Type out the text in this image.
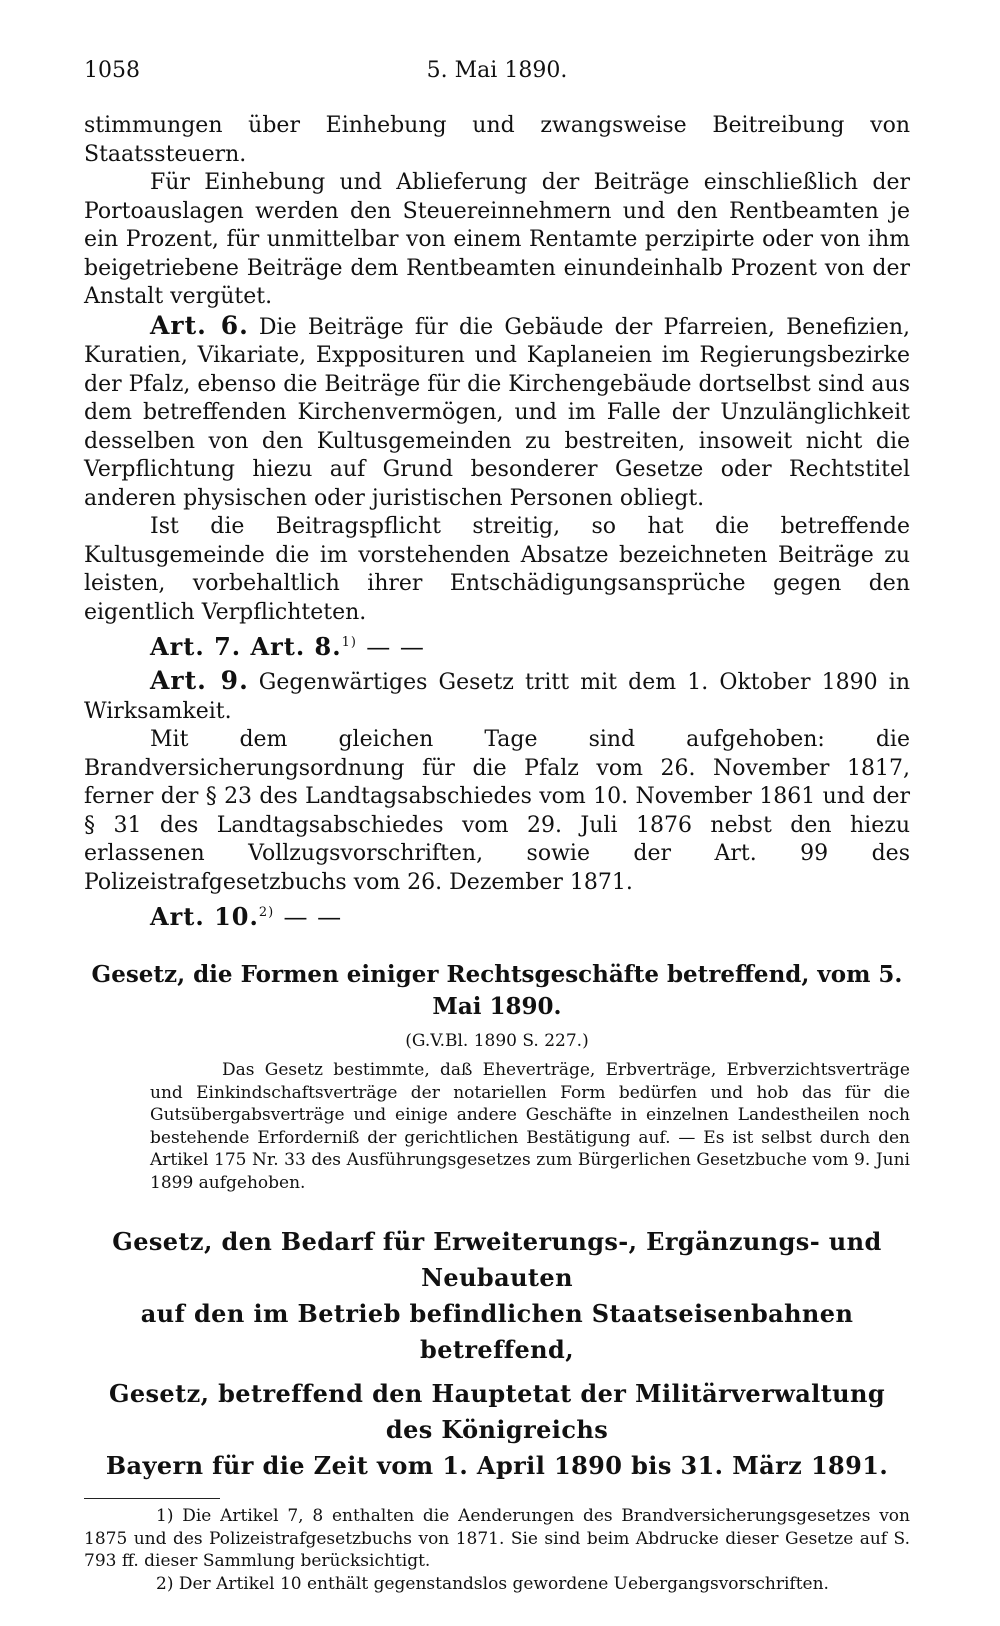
1058	5. Mai 1890.

stimmungen über Einhebung und zwangsweise Beitreibung von Staatssteuern.

Für Einhebung und Ablieferung der Beiträge einschließlich der Portoauslagen werden den Steuereinnehmern und den Rentbeamten je ein Prozent, für unmittelbar von einem Rentamte perzipirte oder von ihm beigetriebene Beiträge dem Rentbeamten einundeinhalb Prozent von der Anstalt vergütet.

Art. 6. Die Beiträge für die Gebäude der Pfarreien, Benefizien, Kuratien, Vikariate, Expposituren und Kaplaneien im Regierungsbezirke der Pfalz, ebenso die Beiträge für die Kirchengebäude dortselbst sind aus dem betreffenden Kirchenvermögen, und im Falle der Unzulänglichkeit desselben von den Kultusgemeinden zu bestreiten, insoweit nicht die Verpflichtung hiezu auf Grund besonderer Gesetze oder Rechtstitel anderen physischen oder juristischen Personen obliegt.

Ist die Beitragspflicht streitig, so hat die betreffende Kultusgemeinde die im vorstehenden Absatze bezeichneten Beiträge zu leisten, vorbehaltlich ihrer Entschädigungsansprüche gegen den eigentlich Verpflichteten.

Art. 7. Art. 8.$^{1)}$ — —

Art. 9. Gegenwärtiges Gesetz tritt mit dem 1. Oktober 1890 in Wirksamkeit.

Mit dem gleichen Tage sind aufgehoben: die Brandversicherungsordnung für die Pfalz vom 26. November 1817, ferner der § 23 des Landtagsabschiedes vom 10. November 1861 und der § 31 des Landtagsabschiedes vom 29. Juli 1876 nebst den hiezu erlassenen Vollzugsvorschriften, sowie der Art. 99 des Polizeistrafgesetzbuchs vom 26. Dezember 1871.

Art. 10.$^{2)}$ — —
Gesetz, die Formen einiger Rechtsgeschäfte betreffend, vom 5. Mai 1890.
(G.V.Bl. 1890 S. 227.)

Das Gesetz bestimmte, daß Eheverträge, Erbverträge, Erbverzichtsverträge und Einkindschaftsverträge der notariellen Form bedürfen und hob das für die Gutsübergabsverträge und einige andere Geschäfte in einzelnen Landestheilen noch bestehende Erforderniß der gerichtlichen Bestätigung auf. — Es ist selbst durch den Artikel 175 Nr. 33 des Ausführungsgesetzes zum Bürgerlichen Gesetzbuche vom 9. Juni 1899 aufgehoben.

Gesetz, den Bedarf für Erweiterungs-, Ergänzungs- und Neubauten
auf den im Betrieb befindlichen Staatseisenbahnen betreffend,
Gesetz, betreffend den Hauptetat der Militärverwaltung des Königreichs
Bayern für die Zeit vom 1. April 1890 bis 31. März 1891.

1) Die Artikel 7, 8 enthalten die Aenderungen des Brandversicherungsgesetzes von 1875 und des Polizeistrafgesetzbuchs von 1871. Sie sind beim Abdrucke dieser Gesetze auf S. 793 ff. dieser Sammlung berücksichtigt.

2) Der Artikel 10 enthält gegenstandslos gewordene Uebergangsvorschriften.
